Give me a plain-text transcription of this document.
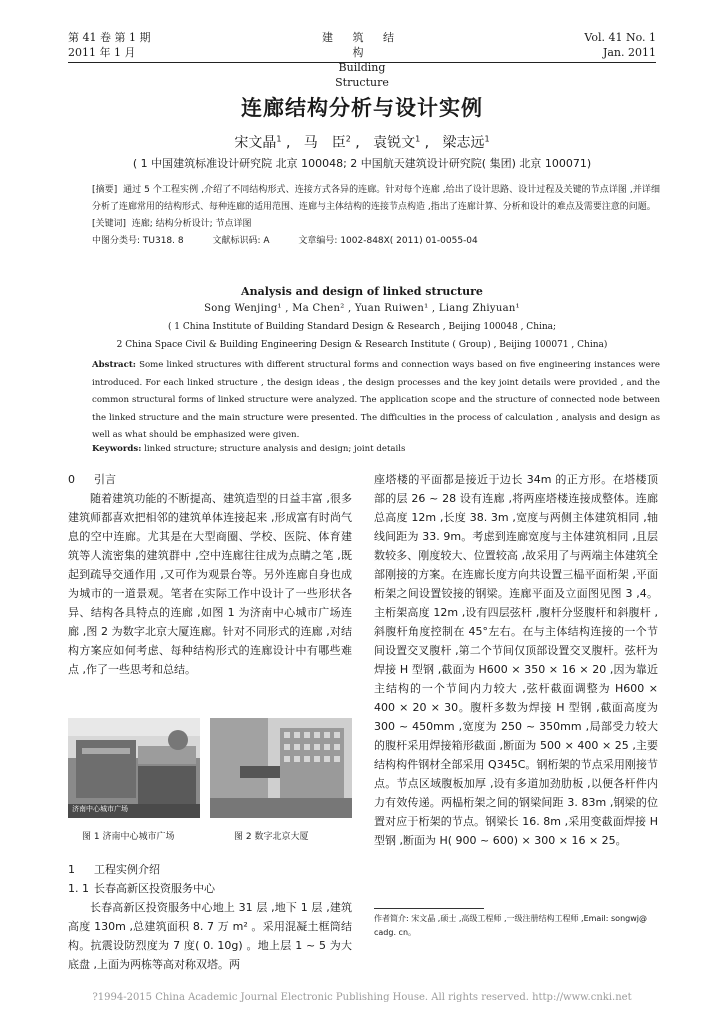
第 41 卷 第 1 期
2011 年 1 月
建 筑 结 构
Building Structure
Vol. 41 No. 1
Jan. 2011
连廊结构分析与设计实例
宋文晶$^1$ ,   马　臣$^2$ ,   袁锐文$^1$ ,   梁志远$^1$
( 1 中国建筑标准设计研究院 北京 100048; 2 中国航天建筑设计研究院( 集团) 北京 100071)

[摘要] 通过 5 个工程实例 ,介绍了不同结构形式、连接方式各异的连廊。针对每个连廊 ,给出了设计思路、设计过程及关键的节点详图 ,并详细分析了连廊常用的结构形式、每种连廊的适用范围、连廊与主体结构的连接节点构造 ,指出了连廊计算、分析和设计的难点及需要注意的问题。

[关键词] 连廊; 结构分析设计; 节点详图

中图分类号: TU318. 8	文献标识码: A	文章编号: 1002-848X( 2011) 01-0055-04

Analysis and design of linked structure
Song Wenjing¹ , Ma Chen² , Yuan Ruiwen¹ , Liang Zhiyuan¹
( 1 China Institute of Building Standard Design & Research , Beijing 100048 , China;
2 China Space Civil & Building Engineering Design & Research Institute ( Group) , Beijing 100071 , China)
Abstract: Some linked structures with different structural forms and connection ways based on five engineering instances were introduced. For each linked structure , the design ideas , the design processes and the key joint details were provided , and the common structural forms of linked structure were analyzed. The application scope and the structure of connected node between the linked structure and the main structure were presented. The difficulties in the process of calculation , analysis and design as well as what should be emphasized were given.
Keywords: linked structure; structure analysis and design; joint details

0 引言

随着建筑功能的不断提高、建筑造型的日益丰富 ,很多建筑师都喜欢把相邻的建筑单体连接起来 ,形成富有时尚气息的空中连廊。尤其是在大型商圈、学校、医院、体育建筑等人流密集的建筑群中 ,空中连廊往往成为点睛之笔 ,既起到疏导交通作用 ,又可作为观景台等。另外连廊自身也成为城市的一道景观。笔者在实际工作中设计了一些形状各异、结构各具特点的连廊 ,如图 1 为济南中心城市广场连廊 ,图 2 为数字北京大厦连廊。针对不同形式的连廊 ,对结构方案应如何考虑、每种结构形式的连廊设计中有哪些难点 ,作了一些思考和总结。

济南中心城市广场
图 1 济南中心城市广场	图 2 数字北京大厦

1 工程实例介绍

1. 1 长春高新区投资服务中心

长春高新区投资服务中心地上 31 层 ,地下 1 层 ,建筑高度 130m ,总建筑面积 8. 7 万 m² 。采用混凝土框筒结构。抗震设防烈度为 7 度( 0. 10g) 。地上层 1 ~ 5 为大底盘 ,上面为两栋等高对称双塔。两

座塔楼的平面都是接近于边长 34m 的正方形。在塔楼顶部的层 26 ~ 28 设有连廊 ,将两座塔楼连接成整体。连廊总高度 12m ,长度 38. 3m ,宽度与两侧主体建筑相同 ,轴线间距为 33. 9m。考虑到连廊宽度与主体建筑相同 ,且层数较多、刚度较大、位置较高 ,故采用了与两端主体建筑全部刚接的方案。在连廊长度方向共设置三榀平面桁架 ,平面桁架之间设置铰接的钢梁。连廊平面及立面图见图 3 ,4。主桁架高度 12m ,设有四层弦杆 ,腹杆分竖腹杆和斜腹杆 ,斜腹杆角度控制在 45°左右。在与主体结构连接的一个节间设置交叉腹杆 ,第二个节间仅顶部设置交叉腹杆。弦杆为焊接 H 型钢 ,截面为 H600 × 350 × 16 × 20 ,因为靠近主结构的一个节间内力较大 ,弦杆截面调整为 H600 × 400 × 20 × 30。腹杆多数为焊接 H 型钢 ,截面高度为 300 ~ 450mm ,宽度为 250 ~ 350mm ,局部受力较大的腹杆采用焊接箱形截面 ,断面为 500 × 400 × 25 ,主要结构构件钢材全部采用 Q345C。钢桁架的节点采用刚接节点。节点区域腹板加厚 ,设有多道加劲肋板 ,以便各杆件内力有效传递。两榀桁架之间的钢梁间距 3. 83m ,钢梁的位置对应于桁架的节点。钢梁长 16. 8m ,采用变截面焊接 H 型钢 ,断面为 H( 900 ~ 600) × 300 × 16 × 25。

作者简介: 宋文晶 ,硕士 ,高级工程师 ,一级注册结构工程师 ,Email: songwj@ cadg. cn。
?1994-2015 China Academic Journal Electronic Publishing House. All rights reserved. http://www.cnki.net
